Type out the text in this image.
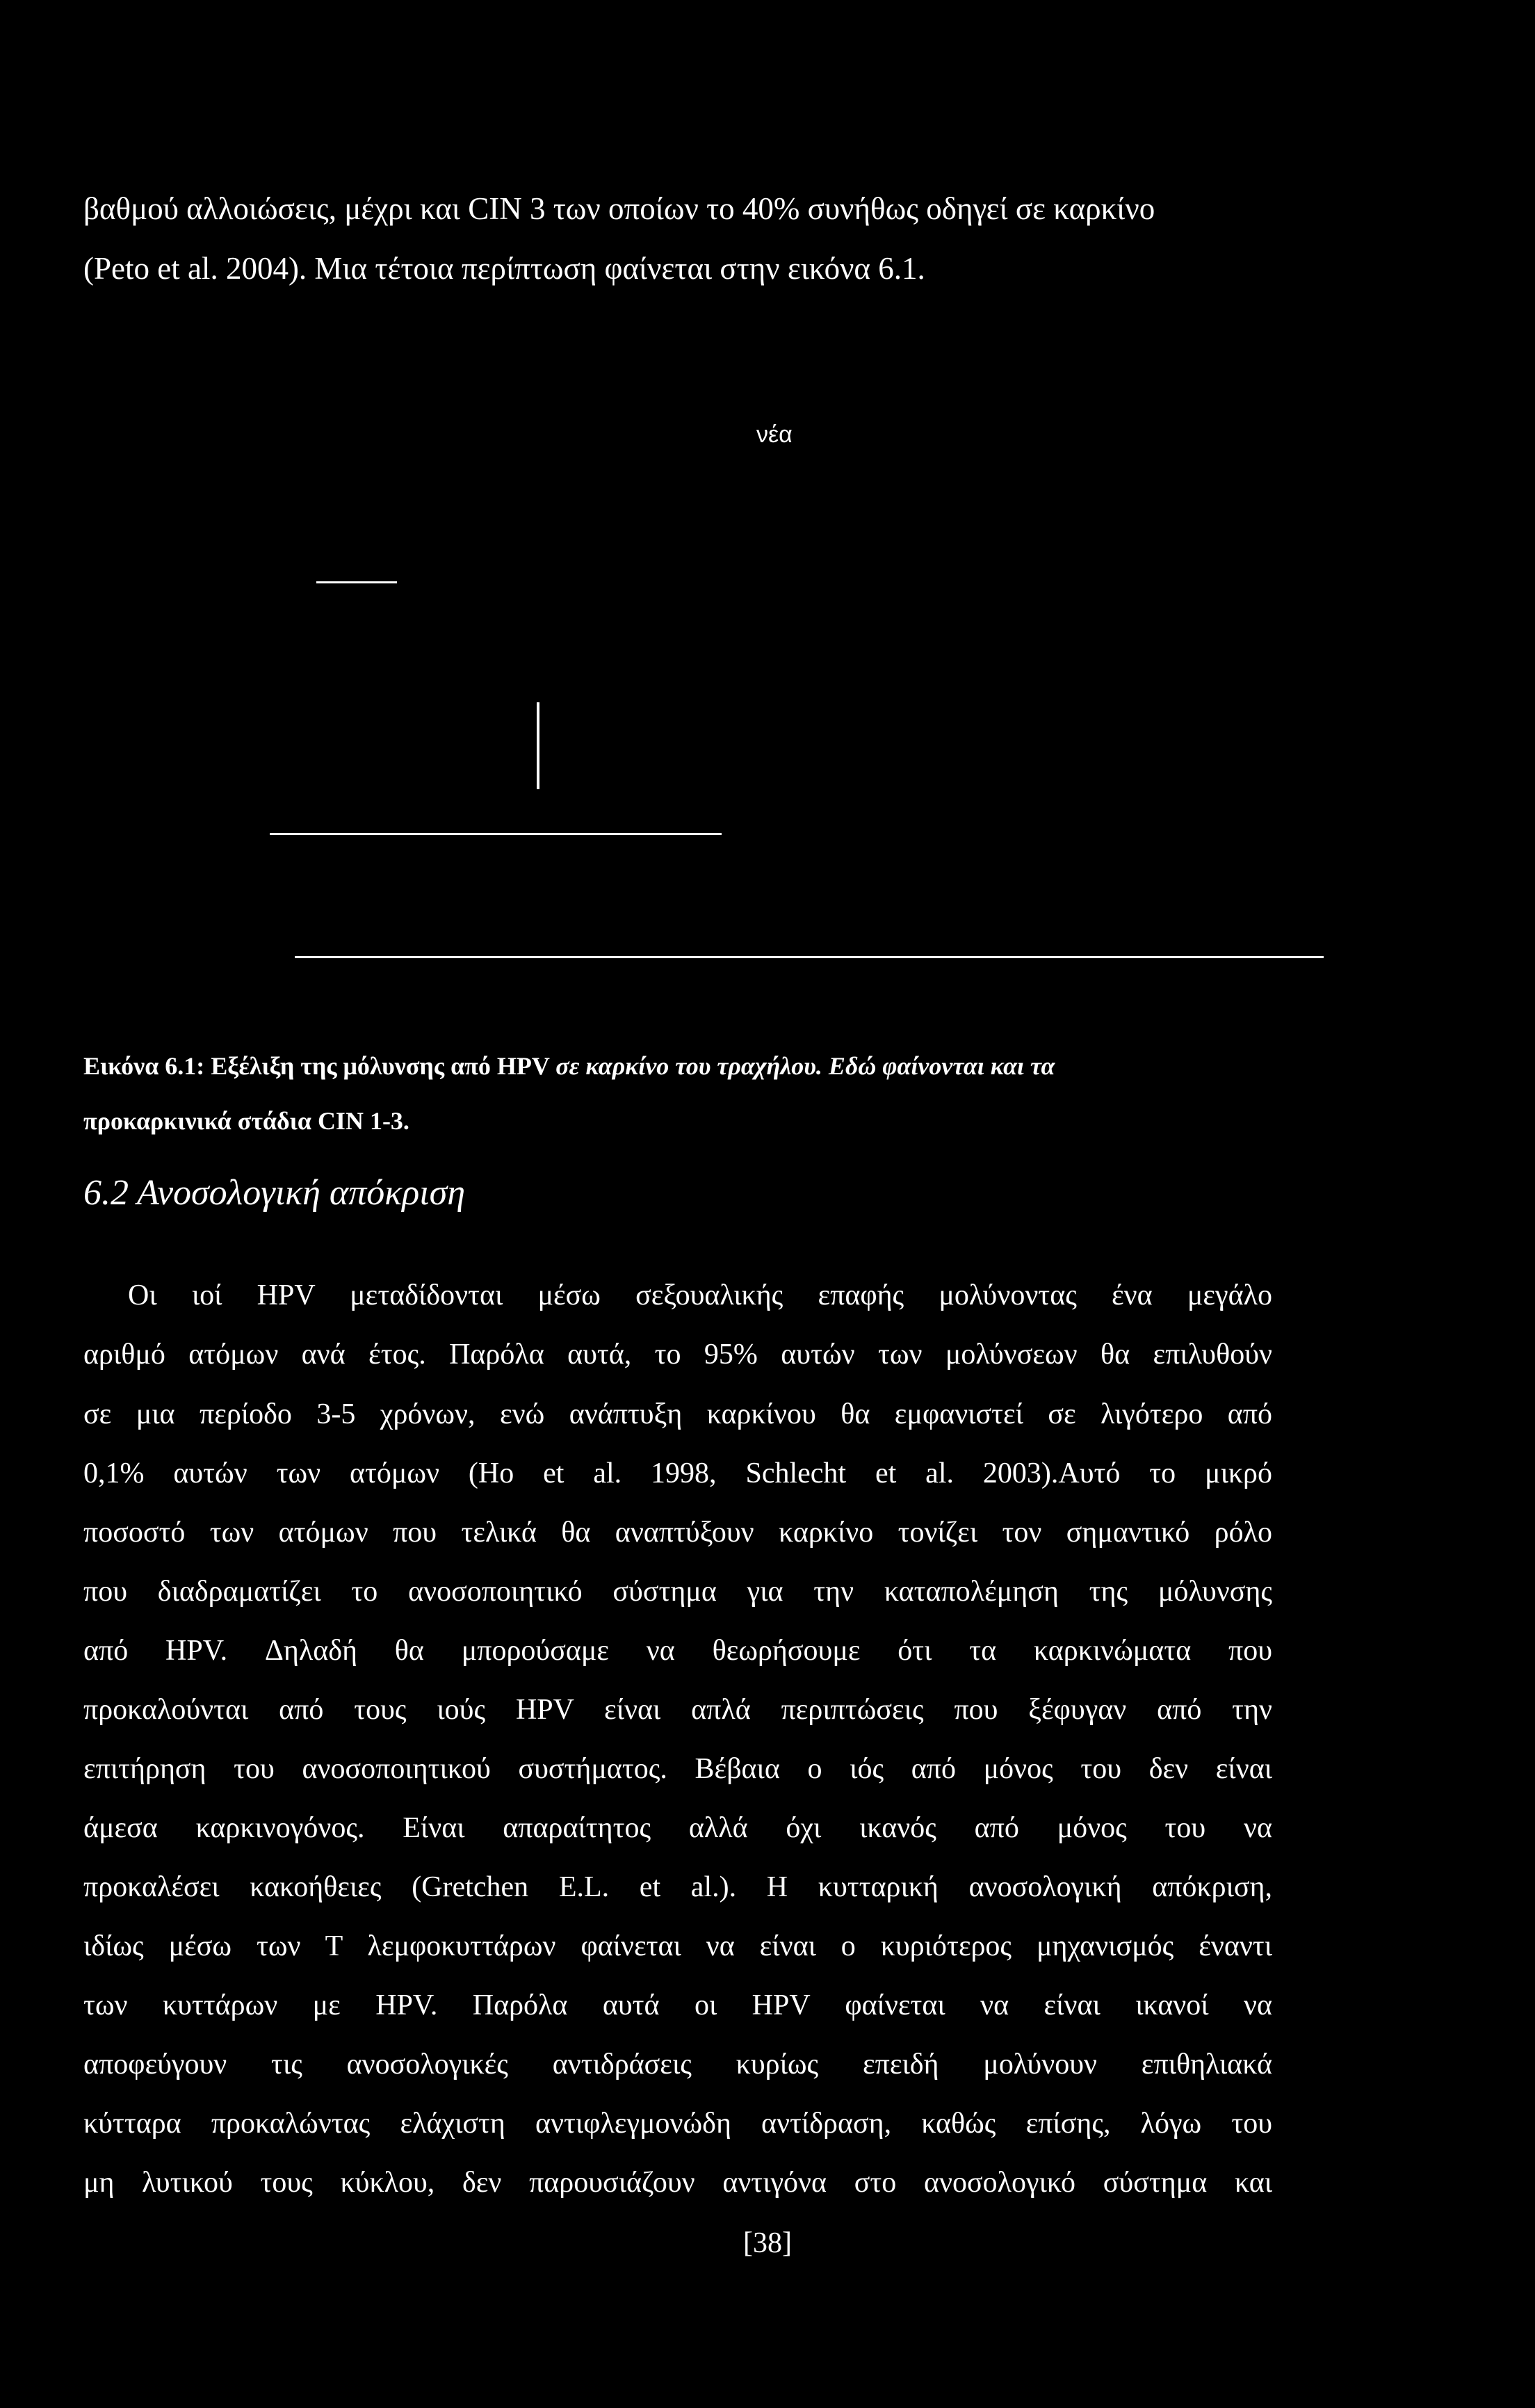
βαθμού αλλοιώσεις, μέχρι και CIN 3 των οποίων το 40% συνήθως οδηγεί σε καρκίνο
(Peto et al. 2004). Μια τέτοια περίπτωση φαίνεται στην εικόνα 6.1.
νέα
Εικόνα 6.1: Εξέλιξη της μόλυνσης από HPV σε καρκίνο του τραχήλου. Εδώ φαίνονται και τα
προκαρκινικά στάδια CIN 1-3.
6.2 Ανοσολογική απόκριση
Οι ιοί HPV μεταδίδονται μέσω σεξουαλικής επαφής μολύνοντας ένα μεγάλο
αριθμό ατόμων ανά έτος. Παρόλα αυτά, το 95% αυτών των μολύνσεων θα επιλυθούν
σε μια περίοδο 3-5 χρόνων, ενώ ανάπτυξη καρκίνου θα εμφανιστεί σε λιγότερο από
0,1% αυτών των ατόμων (Ho et al. 1998, Schlecht et al. 2003).Αυτό το μικρό
ποσοστό των ατόμων που τελικά θα αναπτύξουν καρκίνο τονίζει τον σημαντικό ρόλο
που διαδραματίζει το ανοσοποιητικό σύστημα για την καταπολέμηση της μόλυνσης
από HPV. Δηλαδή θα μπορούσαμε να θεωρήσουμε ότι τα καρκινώματα που
προκαλούνται από τους ιούς HPV είναι απλά περιπτώσεις που ξέφυγαν από την
επιτήρηση του ανοσοποιητικού συστήματος. Βέβαια ο ιός από μόνος του δεν είναι
άμεσα καρκινογόνος. Είναι απαραίτητος αλλά όχι ικανός από μόνος του να
προκαλέσει κακοήθειες (Gretchen E.L. et al.). Η κυτταρική ανοσολογική απόκριση,
ιδίως μέσω των Τ λεμφοκυττάρων φαίνεται να είναι ο κυριότερος μηχανισμός έναντι
των κυττάρων με HPV. Παρόλα αυτά οι HPV φαίνεται να είναι ικανοί να
αποφεύγουν τις ανοσολογικές αντιδράσεις κυρίως επειδή μολύνουν επιθηλιακά
κύτταρα προκαλώντας ελάχιστη αντιφλεγμονώδη αντίδραση, καθώς επίσης, λόγω του
μη λυτικού τους κύκλου, δεν παρουσιάζουν αντιγόνα στο ανοσολογικό σύστημα και
[38]
